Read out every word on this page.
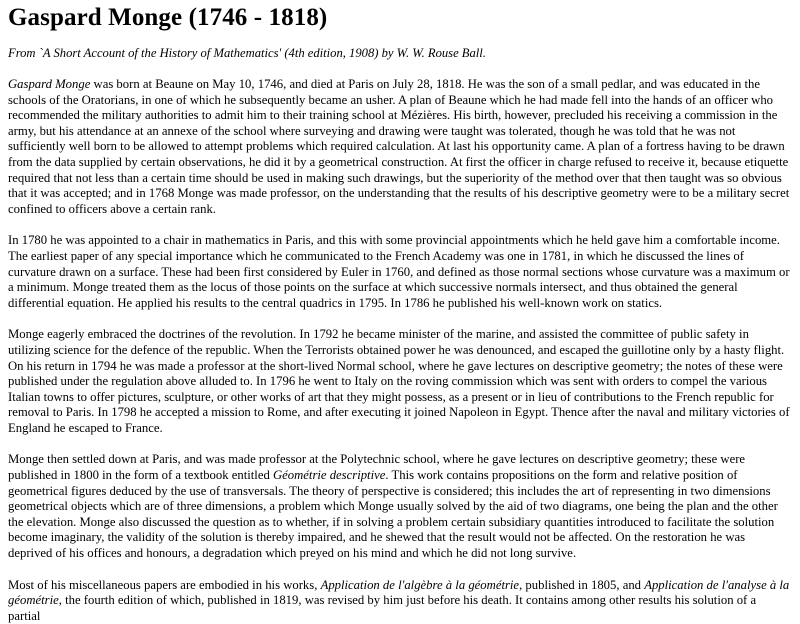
Gaspard Monge (1746 - 1818)
From `A Short Account of the History of Mathematics' (4th edition, 1908) by W. W. Rouse Ball.

Gaspard Monge was born at Beaune on May 10, 1746, and died at Paris on July 28, 1818. He was the son of a small pedlar, and was educated in the schools of the Oratorians, in one of which he subsequently became an usher. A plan of Beaune which he had made fell into the hands of an officer who recommended the military authorities to admit him to their training school at Mézières. His birth, however, precluded his receiving a commission in the army, but his attendance at an annexe of the school where surveying and drawing were taught was tolerated, though he was told that he was not sufficiently well born to be allowed to attempt problems which required calculation. At last his opportunity came. A plan of a fortress having to be drawn from the data supplied by certain observations, he did it by a geometrical construction. At first the officer in charge refused to receive it, because etiquette required that not less than a certain time should be used in making such drawings, but the superiority of the method over that then taught was so obvious that it was accepted; and in 1768 Monge was made professor, on the understanding that the results of his descriptive geometry were to be a military secret confined to officers above a certain rank.

In 1780 he was appointed to a chair in mathematics in Paris, and this with some provincial appointments which he held gave him a comfortable income. The earliest paper of any special importance which he communicated to the French Academy was one in 1781, in which he discussed the lines of curvature drawn on a surface. These had been first considered by Euler in 1760, and defined as those normal sections whose curvature was a maximum or a minimum. Monge treated them as the locus of those points on the surface at which successive normals intersect, and thus obtained the general differential equation. He applied his results to the central quadrics in 1795. In 1786 he published his well-known work on statics.

Monge eagerly embraced the doctrines of the revolution. In 1792 he became minister of the marine, and assisted the committee of public safety in utilizing science for the defence of the republic. When the Terrorists obtained power he was denounced, and escaped the guillotine only by a hasty flight. On his return in 1794 he was made a professor at the short-lived Normal school, where he gave lectures on descriptive geometry; the notes of these were published under the regulation above alluded to. In 1796 he went to Italy on the roving commission which was sent with orders to compel the various Italian towns to offer pictures, sculpture, or other works of art that they might possess, as a present or in lieu of contributions to the French republic for removal to Paris. In 1798 he accepted a mission to Rome, and after executing it joined Napoleon in Egypt. Thence after the naval and military victories of England he escaped to France.

Monge then settled down at Paris, and was made professor at the Polytechnic school, where he gave lectures on descriptive geometry; these were published in 1800 in the form of a textbook entitled Géométrie descriptive. This work contains propositions on the form and relative position of geometrical figures deduced by the use of transversals. The theory of perspective is considered; this includes the art of representing in two dimensions geometrical objects which are of three dimensions, a problem which Monge usually solved by the aid of two diagrams, one being the plan and the other the elevation. Monge also discussed the question as to whether, if in solving a problem certain subsidiary quantities introduced to facilitate the solution become imaginary, the validity of the solution is thereby impaired, and he shewed that the result would not be affected. On the restoration he was deprived of his offices and honours, a degradation which preyed on his mind and which he did not long survive.

Most of his miscellaneous papers are embodied in his works, Application de l'algèbre à la géométrie, published in 1805, and Application de l'analyse à la géométrie, the fourth edition of which, published in 1819, was revised by him just before his death. It contains among other results his solution of a partial
